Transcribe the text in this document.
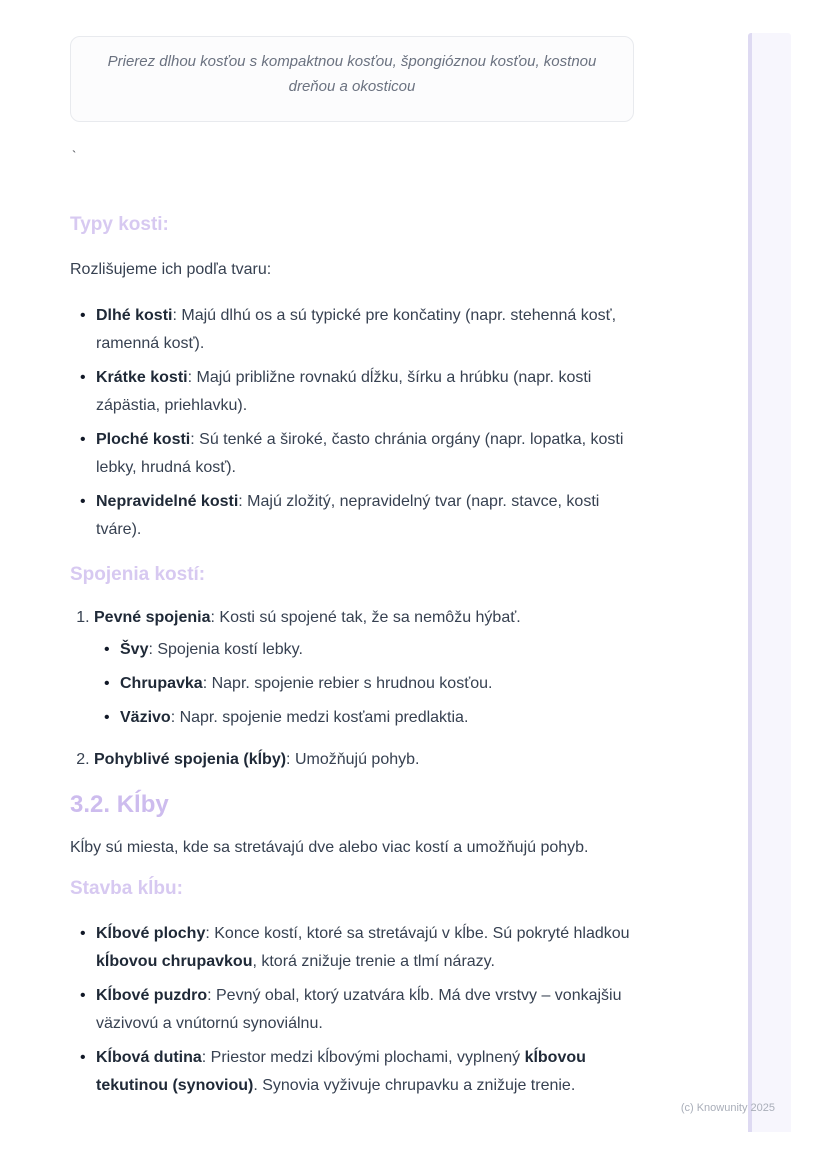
Prierez dlhou kosťou s kompaktnou kosťou, špongióznou kosťou, kostnou dreňou a okosticou
`
Typy kosti:

Rozlišujeme ich podľa tvaru:

• Dlhé kosti: Majú dlhú os a sú typické pre končatiny (napr. stehenná kosť, ramenná kosť).
• Krátke kosti: Majú približne rovnakú dĺžku, šírku a hrúbku (napr. kosti zápästia, priehlavku).
• Ploché kosti: Sú tenké a široké, často chránia orgány (napr. lopatka, kosti lebky, hrudná kosť).
• Nepravidelné kosti: Majú zložitý, nepravidelný tvar (napr. stavce, kosti tváre).
Spojenia kostí:
1. Pevné spojenia: Kosti sú spojené tak, že sa nemôžu hýbať.
• Švy: Spojenia kostí lebky.
• Chrupavka: Napr. spojenie rebier s hrudnou kosťou.
• Väzivo: Napr. spojenie medzi kosťami predlaktia.
2. Pohyblivé spojenia (kĺby): Umožňujú pohyb.
3.2. Kĺby

Kĺby sú miesta, kde sa stretávajú dve alebo viac kostí a umožňujú pohyb.

Stavba kĺbu:
• Kĺbové plochy: Konce kostí, ktoré sa stretávajú v kĺbe. Sú pokryté hladkou kĺbovou chrupavkou, ktorá znižuje trenie a tlmí nárazy.
• Kĺbové puzdro: Pevný obal, ktorý uzatvára kĺb. Má dve vrstvy – vonkajšiu väzivovú a vnútornú synoviálnu.
• Kĺbová dutina: Priestor medzi kĺbovými plochami, vyplnený kĺbovou tekutinou (synoviou). Synovia vyživuje chrupavku a znižuje trenie.
(c) Knowunity 2025
